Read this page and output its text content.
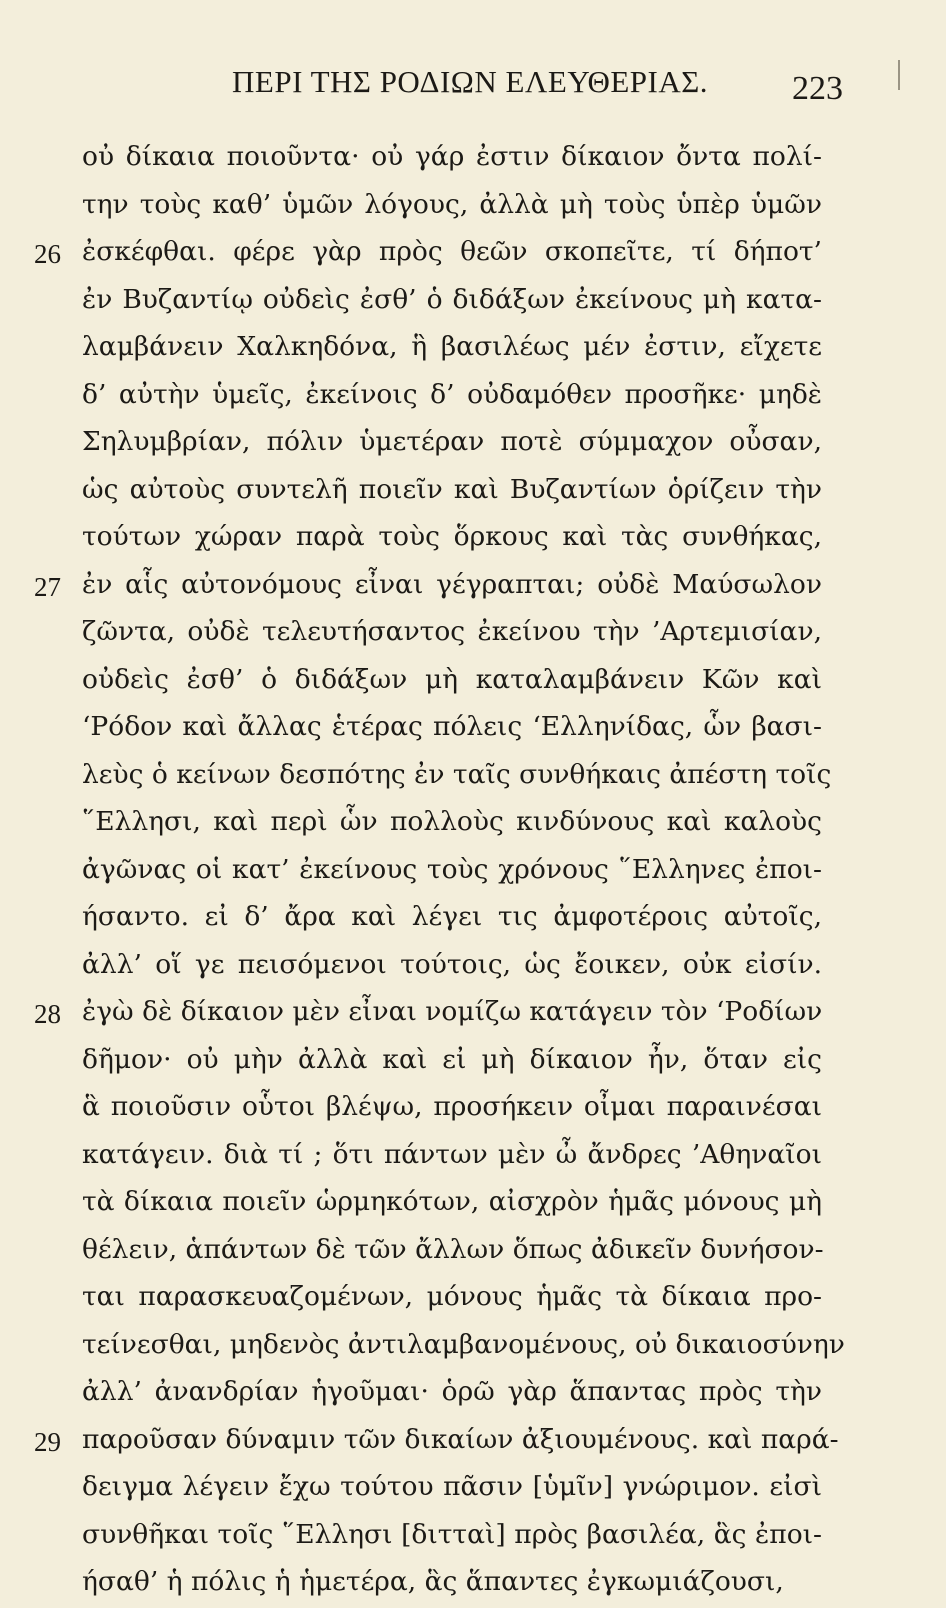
ΠΕΡΙ ΤΗΣ ΡΟΔΙΩΝ ΕΛΕΥΘΕΡΙΑΣ. 223
οὐ δίκαια ποιοῦντα· οὐ γάρ ἐστιν δίκαιον ὄντα πολί-
την τοὺς καθ’ ὑμῶν λόγους, ἀλλὰ μὴ τοὺς ὑπὲρ ὑμῶν
26 ἐσκέφθαι. φέρε γὰρ πρὸς θεῶν σκοπεῖτε, τί δήποτ’
ἐν Βυζαντίῳ οὐδεὶς ἐσθ’ ὁ διδάξων ἐκείνους μὴ κατα-
λαμβάνειν Χαλκηδόνα, ἣ βασιλέως μέν ἐστιν, εἴχετε
δ’ αὐτὴν ὑμεῖς, ἐκείνοις δ’ οὐδαμόθεν προσῆκε· μηδὲ
Σηλυμβρίαν, πόλιν ὑμετέραν ποτὲ σύμμαχον οὖσαν,
ὡς αὐτοὺς συντελῆ ποιεῖν καὶ Βυζαντίων ὁρίζειν τὴν
τούτων χώραν παρὰ τοὺς ὅρκους καὶ τὰς συνθήκας,
27 ἐν αἷς αὐτονόμους εἶναι γέγραπται; οὐδὲ Μαύσωλον
ζῶντα, οὐδὲ τελευτήσαντος ἐκείνου τὴν ’Αρτεμισίαν,
οὐδεὶς ἐσθ’ ὁ διδάξων μὴ καταλαμβάνειν Κῶν καὶ
‘Ρόδον καὶ ἄλλας ἑτέρας πόλεις ‘Ελληνίδας, ὧν βασι-
λεὺς ὁ κείνων δεσπότης ἐν ταῖς συνθήκαις ἀπέστη τοῖς
῞Ελλησι, καὶ περὶ ὧν πολλοὺς κινδύνους καὶ καλοὺς
ἀγῶνας οἱ κατ’ ἐκείνους τοὺς χρόνους ῞Ελληνες ἐποι-
ήσαντο. εἰ δ’ ἄρα καὶ λέγει τις ἀμφοτέροις αὐτοῖς,
ἀλλ’ οἵ γε πεισόμενοι τούτοις, ὡς ἔοικεν, οὐκ εἰσίν.
28 ἐγὼ δὲ δίκαιον μὲν εἶναι νομίζω κατάγειν τὸν ‘Ροδίων
δῆμον· οὐ μὴν ἀλλὰ καὶ εἰ μὴ δίκαιον ἦν, ὅταν εἰς
ἃ ποιοῦσιν οὗτοι βλέψω, προσήκειν οἶμαι παραινέσαι
κατάγειν. διὰ τί ; ὅτι πάντων μὲν ὦ ἄνδρες ’Αθηναῖοι
τὰ δίκαια ποιεῖν ὡρμηκότων, αἰσχρὸν ἡμᾶς μόνους μὴ
θέλειν, ἁπάντων δὲ τῶν ἄλλων ὅπως ἀδικεῖν δυνήσον-
ται παρασκευαζομένων, μόνους ἡμᾶς τὰ δίκαια προ-
τείνεσθαι, μηδενὸς ἀντιλαμβανομένους, οὐ δικαιοσύνην
ἀλλ’ ἀνανδρίαν ἡγοῦμαι· ὁρῶ γὰρ ἅπαντας πρὸς τὴν
29 παροῦσαν δύναμιν τῶν δικαίων ἀξιουμένους. καὶ παρά-
δειγμα λέγειν ἔχω τούτου πᾶσιν [ὑμῖν] γνώριμον. εἰσὶ
συνθῆκαι τοῖς ῞Ελλησι [διτταὶ] πρὸς βασιλέα, ἃς ἐποι-
ήσαθ’ ἡ πόλις ἡ ἡμετέρα, ἃς ἅπαντες ἐγκωμιάζουσι,
